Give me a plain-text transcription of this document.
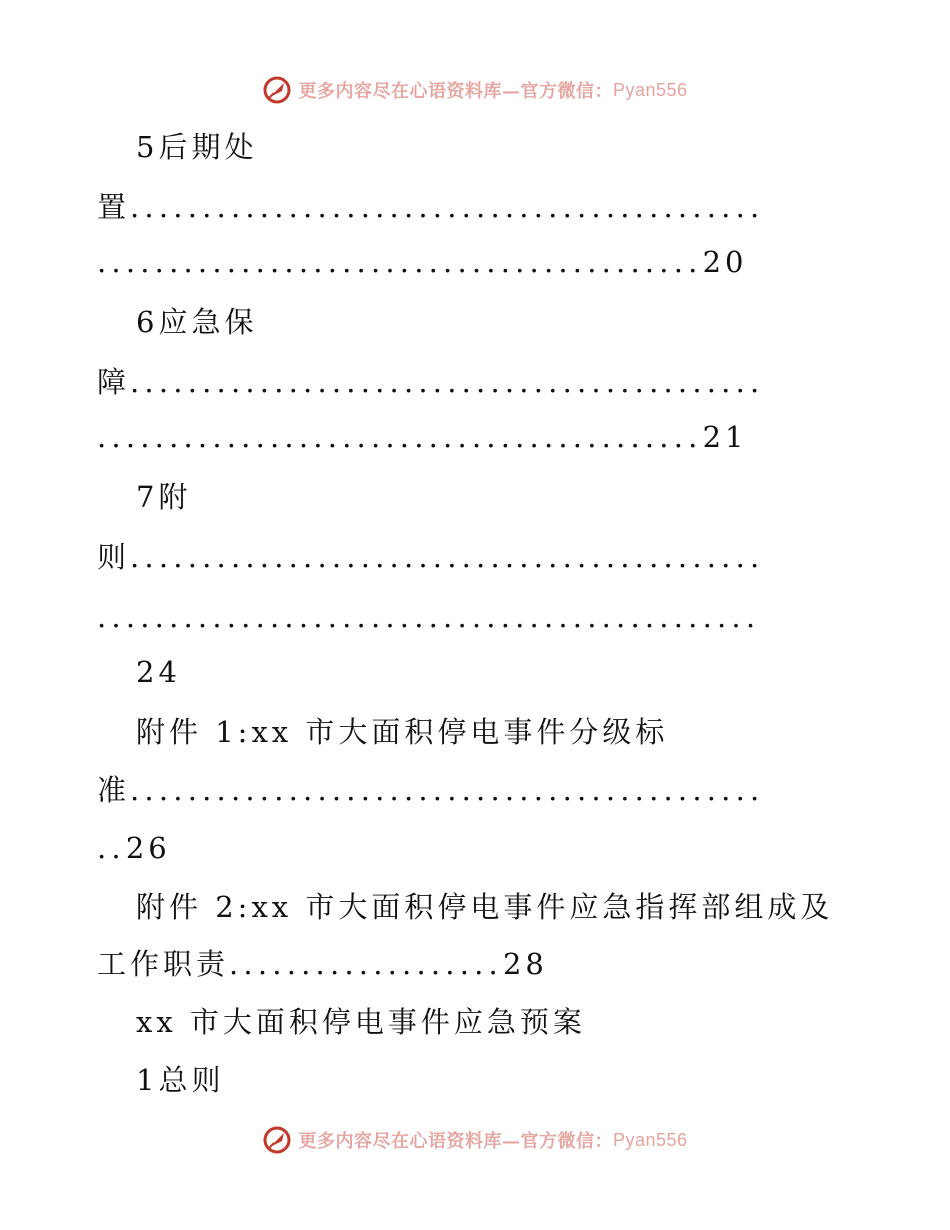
更多内容尽在心语资料库—官方微信： Pyan556
5后期处
置............................................
..........................................20
6应急保
障............................................
..........................................21
7附
则............................................
..............................................
24
附件 1:xx 市大面积停电事件分级标
准............................................
..26
附件 2:xx 市大面积停电事件应急指挥部组成及
工作职责...................28
xx 市大面积停电事件应急预案
1总则
更多内容尽在心语资料库—官方微信： Pyan556
